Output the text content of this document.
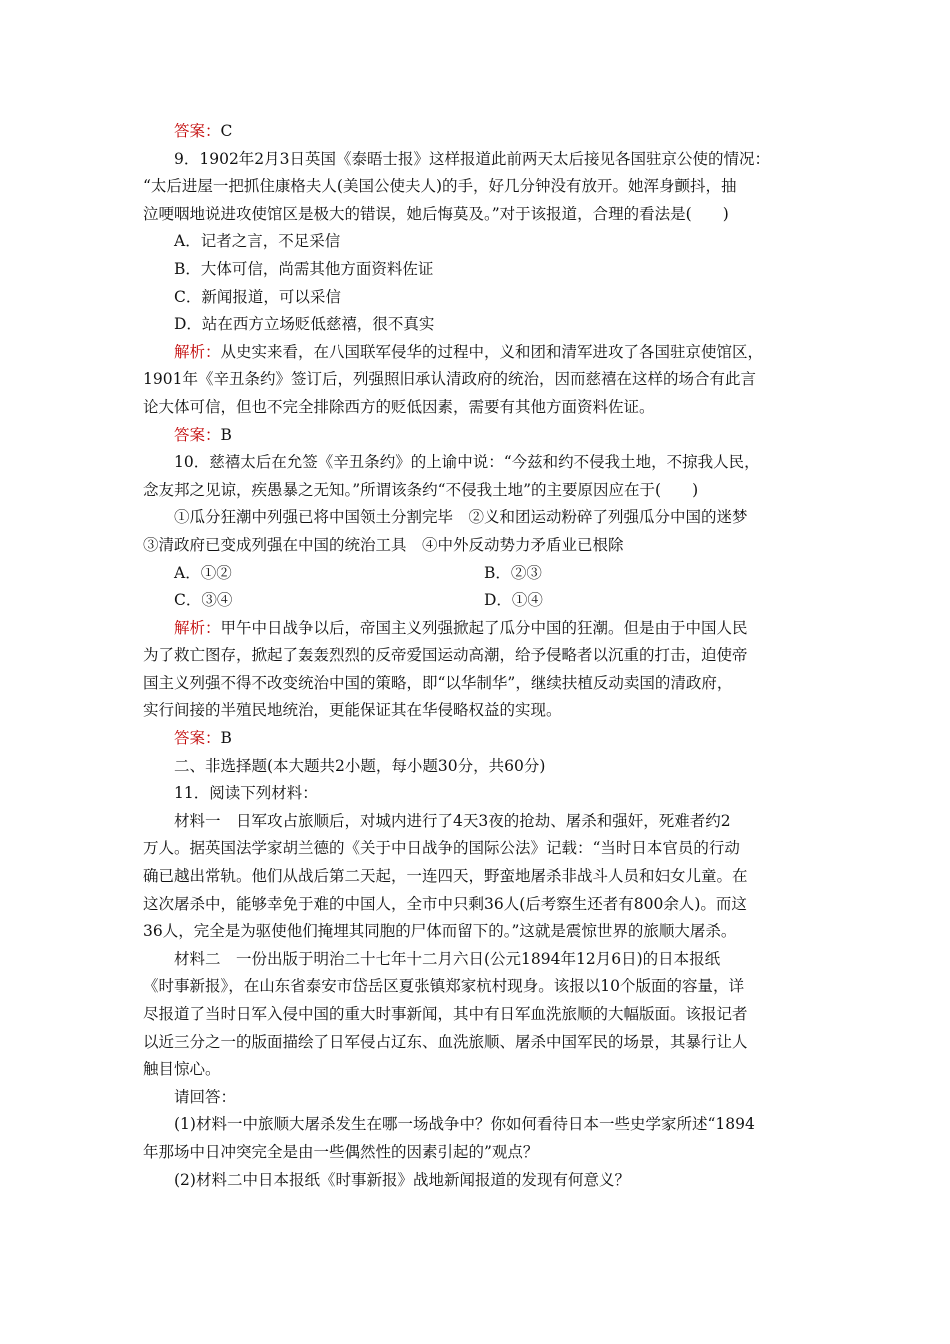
答案：C
9．1902年2月3日英国《泰晤士报》这样报道此前两天太后接见各国驻京公使的情况：
“太后进屋一把抓住康格夫人(美国公使夫人)的手，好几分钟没有放开。她浑身颤抖，抽
泣哽咽地说进攻使馆区是极大的错误，她后悔莫及。”对于该报道，合理的看法是(　　)
A．记者之言，不足采信
B．大体可信，尚需其他方面资料佐证
C．新闻报道，可以采信
D．站在西方立场贬低慈禧，很不真实
解析：从史实来看，在八国联军侵华的过程中，义和团和清军进攻了各国驻京使馆区，
1901年《辛丑条约》签订后，列强照旧承认清政府的统治，因而慈禧在这样的场合有此言
论大体可信，但也不完全排除西方的贬低因素，需要有其他方面资料佐证。
答案：B
10．慈禧太后在允签《辛丑条约》的上谕中说：“今兹和约不侵我土地，不掠我人民，
念友邦之见谅，疾愚暴之无知。”所谓该条约“不侵我土地”的主要原因应在于(　　)
①瓜分狂潮中列强已将中国领土分割完毕　②义和团运动粉碎了列强瓜分中国的迷梦
③清政府已变成列强在中国的统治工具　④中外反动势力矛盾业已根除
A．①②	B．②③
C．③④	D．①④
解析：甲午中日战争以后，帝国主义列强掀起了瓜分中国的狂潮。但是由于中国人民
为了救亡图存，掀起了轰轰烈烈的反帝爱国运动高潮，给予侵略者以沉重的打击，迫使帝
国主义列强不得不改变统治中国的策略，即“以华制华”，继续扶植反动卖国的清政府，
实行间接的半殖民地统治，更能保证其在华侵略权益的实现。
答案：B
二、非选择题(本大题共2小题，每小题30分，共60分)
11．阅读下列材料：
材料一　日军攻占旅顺后，对城内进行了4天3夜的抢劫、屠杀和强奸，死难者约2
万人。据英国法学家胡兰德的《关于中日战争的国际公法》记载：“当时日本官员的行动
确已越出常轨。他们从战后第二天起，一连四天，野蛮地屠杀非战斗人员和妇女儿童。在
这次屠杀中，能够幸免于难的中国人，全市中只剩36人(后考察生还者有800余人)。而这
36人，完全是为驱使他们掩埋其同胞的尸体而留下的。”这就是震惊世界的旅顺大屠杀。
材料二　一份出版于明治二十七年十二月六日(公元1894年12月6日)的日本报纸
《时事新报》，在山东省泰安市岱岳区夏张镇郑家杭村现身。该报以10个版面的容量，详
尽报道了当时日军入侵中国的重大时事新闻，其中有日军血洗旅顺的大幅版面。该报记者
以近三分之一的版面描绘了日军侵占辽东、血洗旅顺、屠杀中国军民的场景，其暴行让人
触目惊心。
请回答：
(1)材料一中旅顺大屠杀发生在哪一场战争中？你如何看待日本一些史学家所述“1894
年那场中日冲突完全是由一些偶然性的因素引起的”观点？
(2)材料二中日本报纸《时事新报》战地新闻报道的发现有何意义？
